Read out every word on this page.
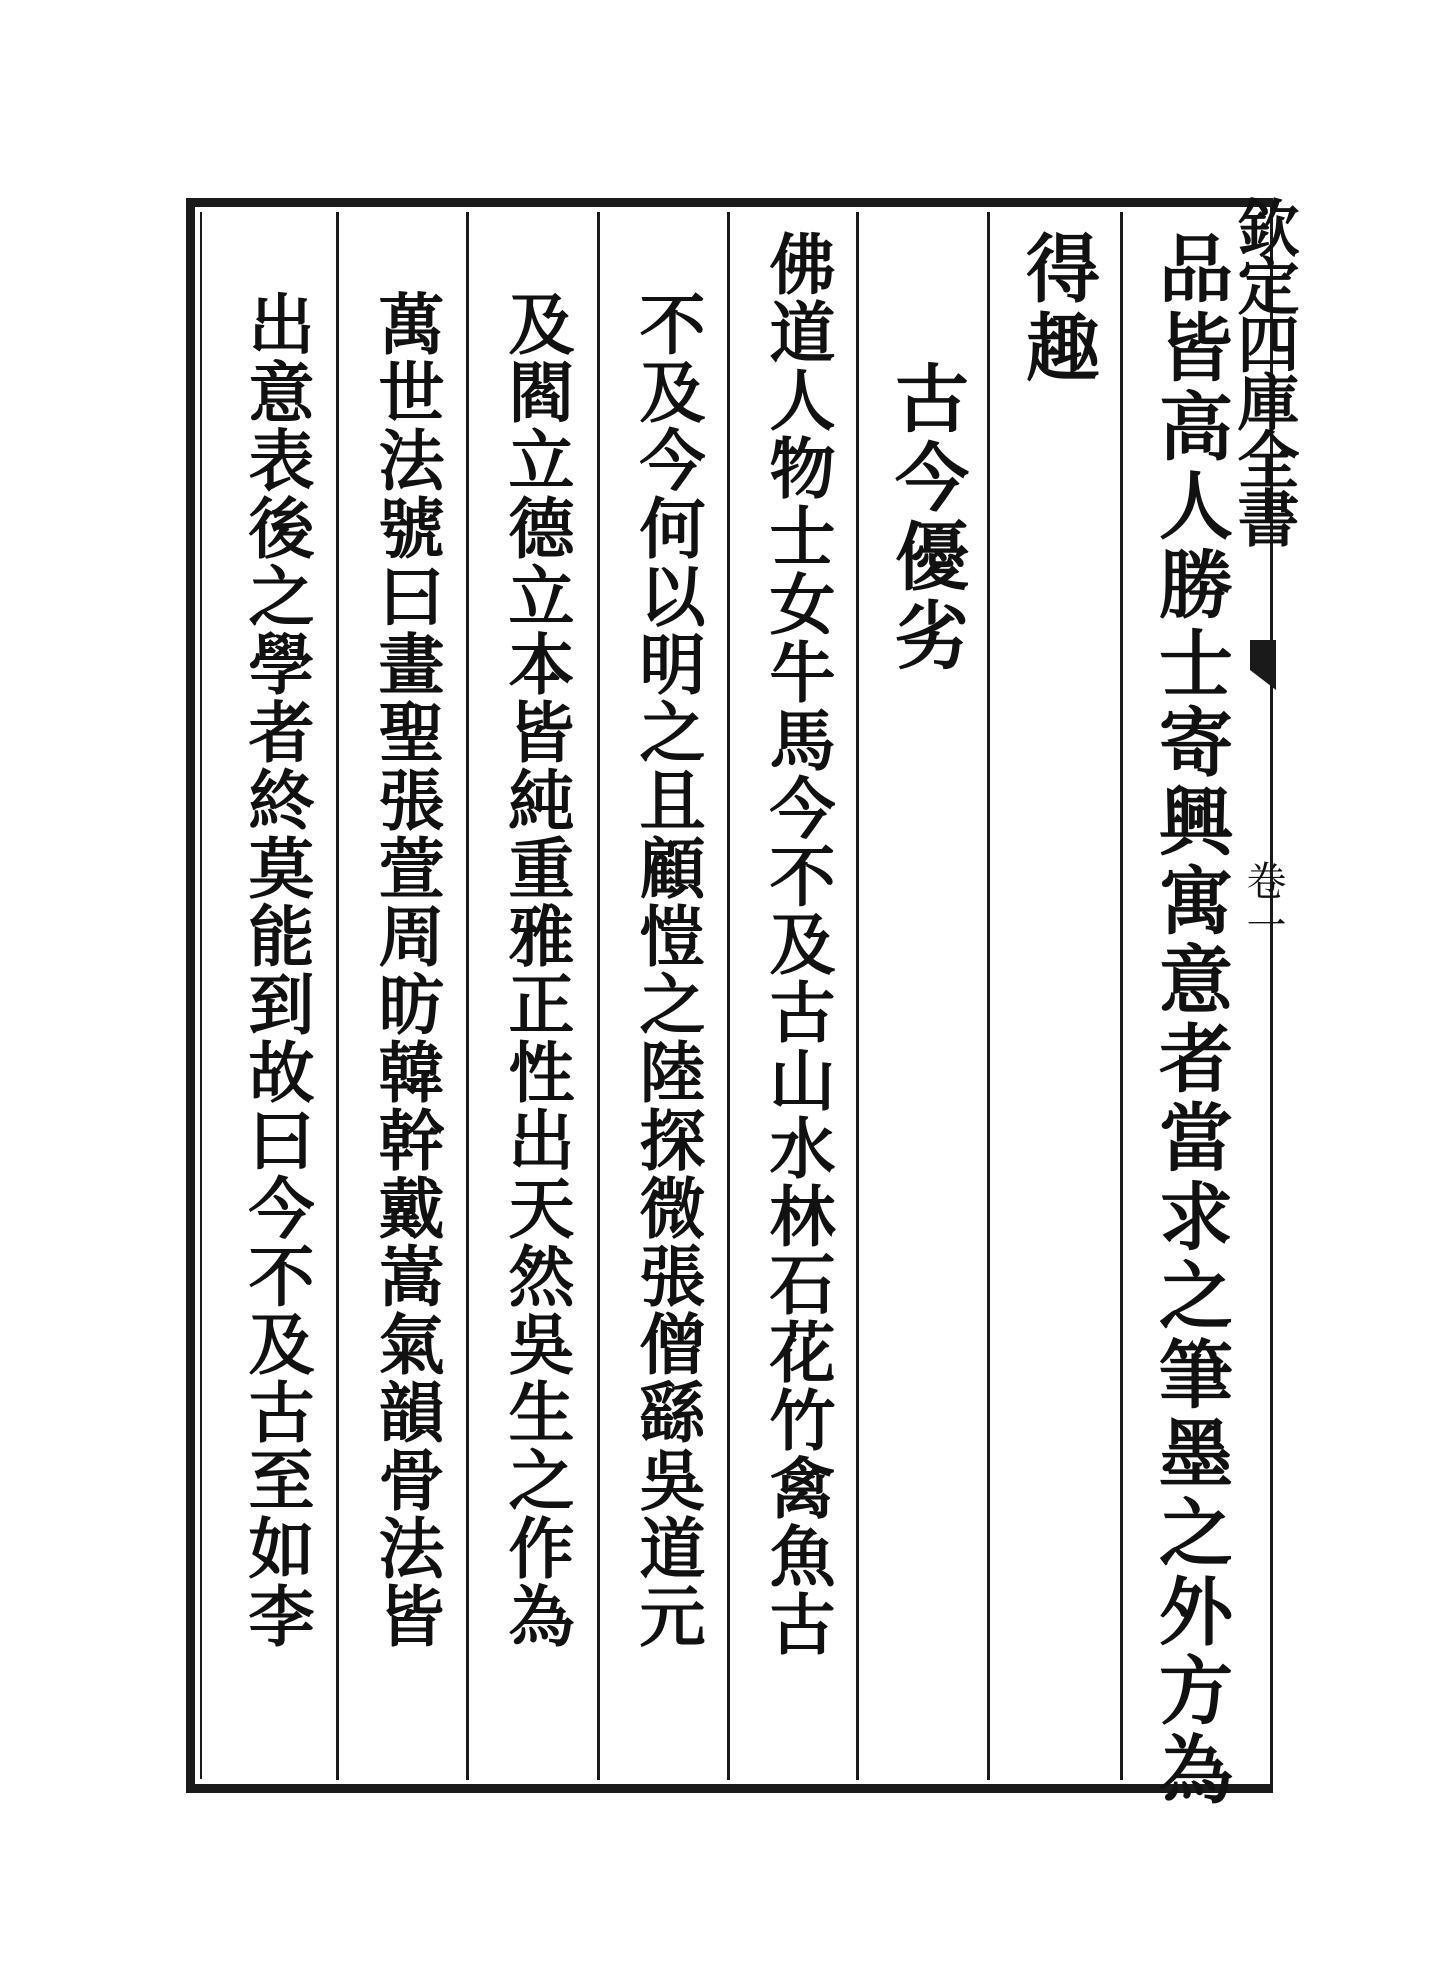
欽定四庫全書
卷一
品皆高人勝士寄興寓意者當求之筆墨之外方為
得趣
古今優劣
佛道人物士女牛馬今不及古山水林石花竹禽魚古
不及今何以明之且顧愷之陸探微張僧繇吳道元
及閻立德立本皆純重雅正性出天然吳生之作為
萬世法號曰畫聖張萱周昉韓幹戴嵩氣韻骨法皆
出意表後之學者終莫能到故曰今不及古至如李
